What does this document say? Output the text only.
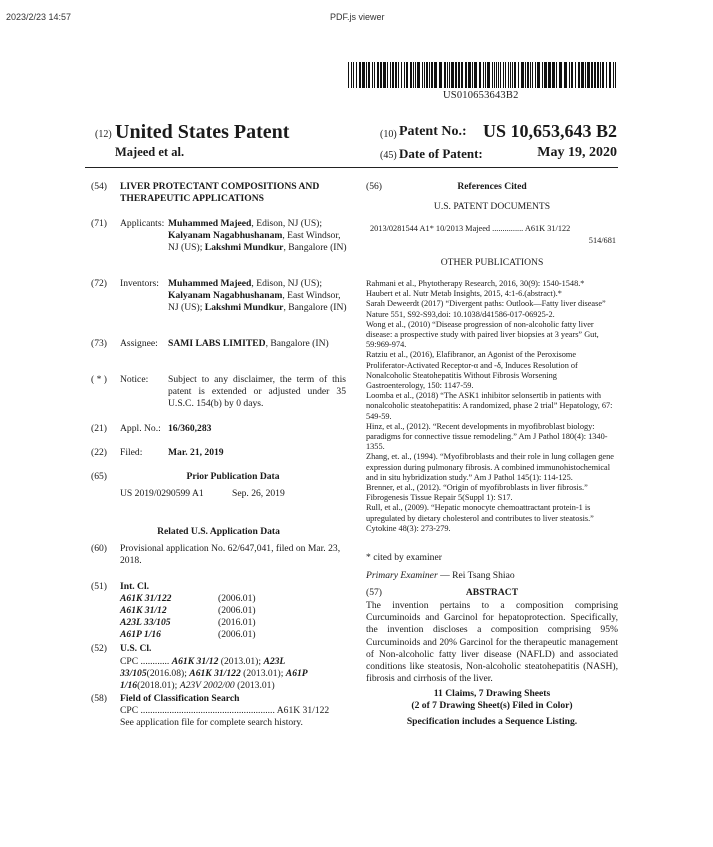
2023/2/23 14:57	PDF.js viewer
US010653643B2
(12) United States Patent
Majeed et al.
(10) Patent No.: US 10,653,643 B2
(45) Date of Patent:	May 19, 2020
(54) LIVER PROTECTANT COMPOSITIONS AND THERAPEUTIC APPLICATIONS
(71) Applicants: Muhammed Majeed, Edison, NJ (US); Kalyanam Nagabhushanam, East Windsor, NJ (US); Lakshmi Mundkur, Bangalore (IN)
(72) Inventors: Muhammed Majeed, Edison, NJ (US); Kalyanam Nagabhushanam, East Windsor, NJ (US); Lakshmi Mundkur, Bangalore (IN)
(73) Assignee: SAMI LABS LIMITED, Bangalore (IN)
( * ) Notice: Subject to any disclaimer, the term of this patent is extended or adjusted under 35 U.S.C. 154(b) by 0 days.
(21) Appl. No.: 16/360,283
(22) Filed:	Mar. 21, 2019
(65)	Prior Publication Data
US 2019/0290599 A1	Sep. 26, 2019
Related U.S. Application Data
(60) Provisional application No. 62/647,041, filed on Mar. 23, 2018.
(51) Int. Cl.
A61K 31/122	(2006.01)
A61K 31/12	(2006.01)
A23L 33/105	(2016.01)
A61P 1/16	(2006.01)
(52) U.S. Cl.
CPC ............ A61K 31/12 (2013.01); A23L 33/105(2016.08); A61K 31/122 (2013.01); A61P 1/16(2018.01); A23V 2002/00 (2013.01)
(58) Field of Classification Search
CPC ........................................................ A61K 31/122
See application file for complete search history.
(56)	References Cited
U.S. PATENT DOCUMENTS
2013/0281544 A1* 10/2013 Majeed ............... A61K 31/122
514/681
OTHER PUBLICATIONS

Rahmani et al., Phytotherapy Research, 2016, 30(9): 1540-1548.*

Haubert et al. Nutr Metab Insights, 2015, 4:1-6.(abstract).*

Sarah Deweerdt (2017) “Divergent paths: Outlook—Fatty liver disease” Nature 551, S92-S93,doi: 10.1038/d41586-017-06925-2.

Wong et al., (2010) “Disease progression of non-alcoholic fatty liver disease: a prospective study with paired liver biopsies at 3 years” Gut, 59:969-974.

Ratziu et al., (2016), Elafibranor, an Agonist of the Peroxisome Proliferator-Activated Receptor-α and -δ, Induces Resolution of Nonalcoholic Steatohepatitis Without Fibrosis Worsening Gastroenterology, 150: 1147-59.

Loomba et al., (2018) “The ASK1 inhibitor selonsertib in patients with nonalcoholic steatohepatitis: A randomized, phase 2 trial” Hepatology, 67: 549-59.

Hinz, et al., (2012). “Recent developments in myofibroblast biology: paradigms for connective tissue remodeling.” Am J Pathol 180(4): 1340-1355.

Zhang, et. al., (1994). “Myofibroblasts and their role in lung collagen gene expression during pulmonary fibrosis. A combined immunohistochemical and in situ hybridization study.” Am J Pathol 145(1): 114-125.

Brenner, et al., (2012). “Origin of myofibroblasts in liver fibrosis.” Fibrogenesis Tissue Repair 5(Suppl 1): S17.

Rull, et al., (2009). “Hepatic monocyte chemoattractant protein-1 is upregulated by dietary cholesterol and contributes to liver steatosis.” Cytokine 48(3): 273-279.

* cited by examiner
Primary Examiner — Rei Tsang Shiao
(57)	ABSTRACT
The invention pertains to a composition comprising Curcuminoids and Garcinol for hepatoprotection. Specifically, the invention discloses a composition comprising 95% Curcuminoids and 20% Garcinol for the therapeutic management of Non-alcoholic fatty liver disease (NAFLD) and associated conditions like steatosis, Non-alcoholic steatohepatitis (NASH), fibrosis and cirrhosis of the liver.
11 Claims, 7 Drawing Sheets
(2 of 7 Drawing Sheet(s) Filed in Color)
Specification includes a Sequence Listing.
